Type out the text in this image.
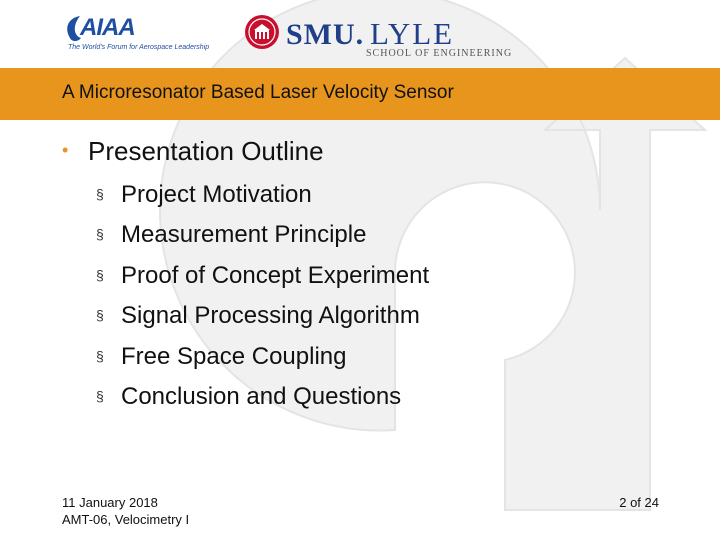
AIAA
The World's Forum for Aerospace Leadership	SMU. LYLE
SCHOOL OF ENGINEERING
A Microresonator Based Laser Velocity Sensor
• Presentation Outline
§ Project Motivation
§ Measurement Principle
§ Proof of Concept Experiment
§ Signal Processing Algorithm
§ Free Space Coupling
§ Conclusion and Questions
11 January 2018
AMT-06, Velocimetry I
2 of 24
